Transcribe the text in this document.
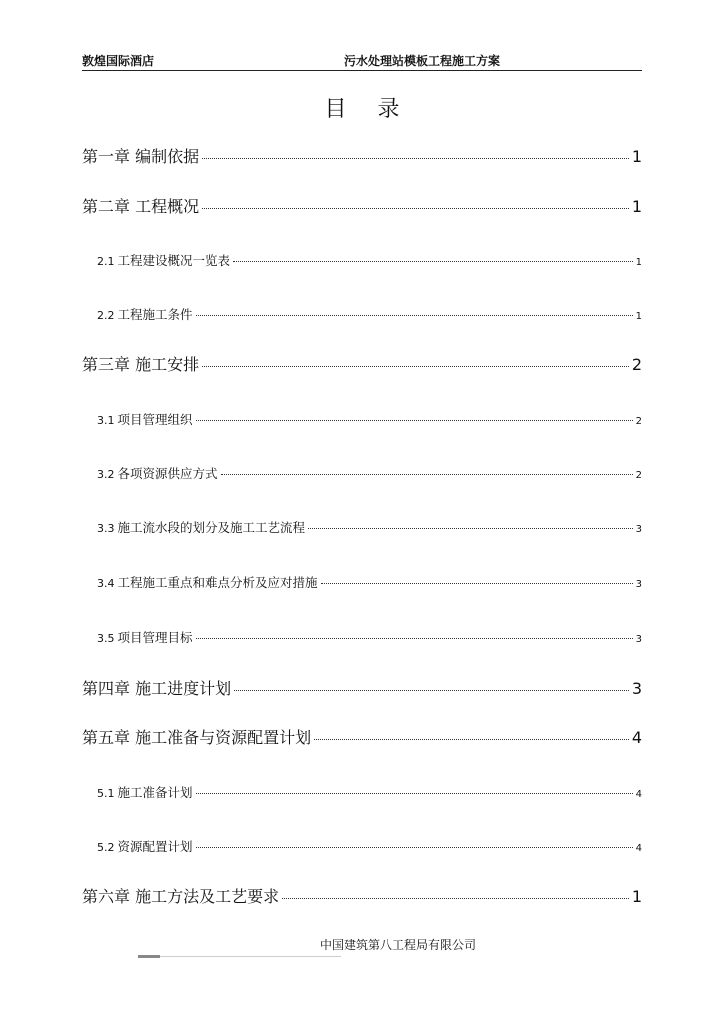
敦煌国际酒店	污水处理站模板工程施工方案
目 录
第一章 编制依据	1
第二章 工程概况	1
2.1 工程建设概况一览表	1
2.2 工程施工条件	1
第三章 施工安排	2
3.1 项目管理组织	2
3.2 各项资源供应方式	2
3.3 施工流水段的划分及施工工艺流程	3
3.4 工程施工重点和难点分析及应对措施	3
3.5 项目管理目标	3
第四章 施工进度计划	3
第五章 施工准备与资源配置计划	4
5.1 施工准备计划	4
5.2 资源配置计划	4
第六章 施工方法及工艺要求	1
中国建筑第八工程局有限公司
